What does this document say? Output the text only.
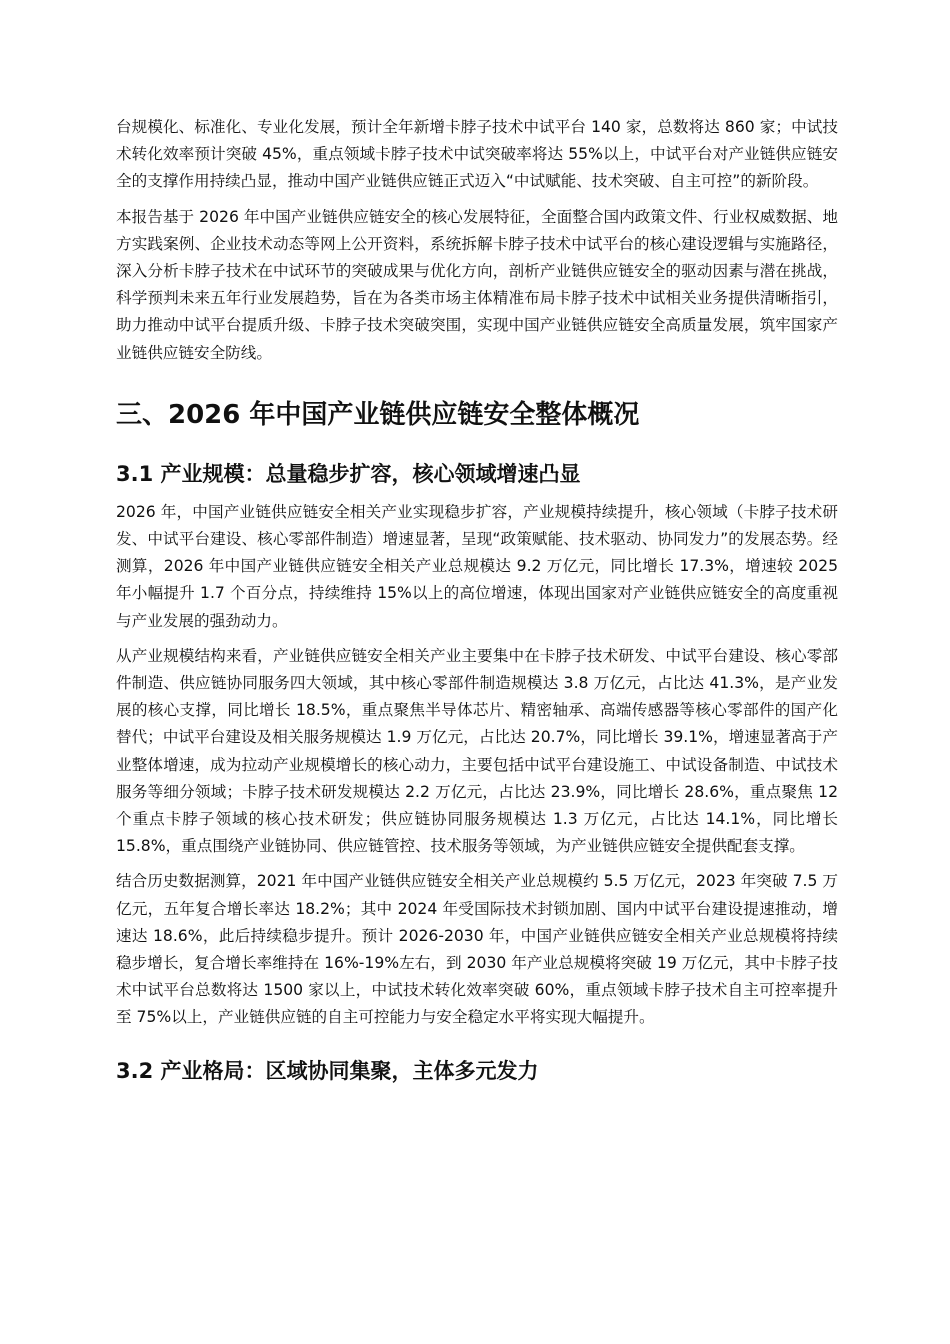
台规模化、标准化、专业化发展，预计全年新增卡脖子技术中试平台 140 家，总数将达 860 家；中试技术转化效率预计突破 45%，重点领域卡脖子技术中试突破率将达 55%以上，中试平台对产业链供应链安全的支撑作用持续凸显，推动中国产业链供应链正式迈入“中试赋能、技术突破、自主可控”的新阶段。

本报告基于 2026 年中国产业链供应链安全的核心发展特征，全面整合国内政策文件、行业权威数据、地方实践案例、企业技术动态等网上公开资料，系统拆解卡脖子技术中试平台的核心建设逻辑与实施路径，深入分析卡脖子技术在中试环节的突破成果与优化方向，剖析产业链供应链安全的驱动因素与潜在挑战，科学预判未来五年行业发展趋势，旨在为各类市场主体精准布局卡脖子技术中试相关业务提供清晰指引，助力推动中试平台提质升级、卡脖子技术突破突围，实现中国产业链供应链安全高质量发展，筑牢国家产业链供应链安全防线。

三、2026 年中国产业链供应链安全整体概况
3.1 产业规模：总量稳步扩容，核心领域增速凸显

2026 年，中国产业链供应链安全相关产业实现稳步扩容，产业规模持续提升，核心领域（卡脖子技术研发、中试平台建设、核心零部件制造）增速显著，呈现“政策赋能、技术驱动、协同发力”的发展态势。经测算，2026 年中国产业链供应链安全相关产业总规模达 9.2 万亿元，同比增长 17.3%，增速较 2025 年小幅提升 1.7 个百分点，持续维持 15%以上的高位增速，体现出国家对产业链供应链安全的高度重视与产业发展的强劲动力。

从产业规模结构来看，产业链供应链安全相关产业主要集中在卡脖子技术研发、中试平台建设、核心零部件制造、供应链协同服务四大领域，其中核心零部件制造规模达 3.8 万亿元，占比达 41.3%，是产业发展的核心支撑，同比增长 18.5%，重点聚焦半导体芯片、精密轴承、高端传感器等核心零部件的国产化替代；中试平台建设及相关服务规模达 1.9 万亿元，占比达 20.7%，同比增长 39.1%，增速显著高于产业整体增速，成为拉动产业规模增长的核心动力，主要包括中试平台建设施工、中试设备制造、中试技术服务等细分领域；卡脖子技术研发规模达 2.2 万亿元，占比达 23.9%，同比增长 28.6%，重点聚焦 12 个重点卡脖子领域的核心技术研发；供应链协同服务规模达 1.3 万亿元，占比达 14.1%，同比增长 15.8%，重点围绕产业链协同、供应链管控、技术服务等领域，为产业链供应链安全提供配套支撑。

结合历史数据测算，2021 年中国产业链供应链安全相关产业总规模约 5.5 万亿元，2023 年突破 7.5 万亿元，五年复合增长率达 18.2%；其中 2024 年受国际技术封锁加剧、国内中试平台建设提速推动，增速达 18.6%，此后持续稳步提升。预计 2026-2030 年，中国产业链供应链安全相关产业总规模将持续稳步增长，复合增长率维持在 16%-19%左右，到 2030 年产业总规模将突破 19 万亿元，其中卡脖子技术中试平台总数将达 1500 家以上，中试技术转化效率突破 60%，重点领域卡脖子技术自主可控率提升至 75%以上，产业链供应链的自主可控能力与安全稳定水平将实现大幅提升。

3.2 产业格局：区域协同集聚，主体多元发力
